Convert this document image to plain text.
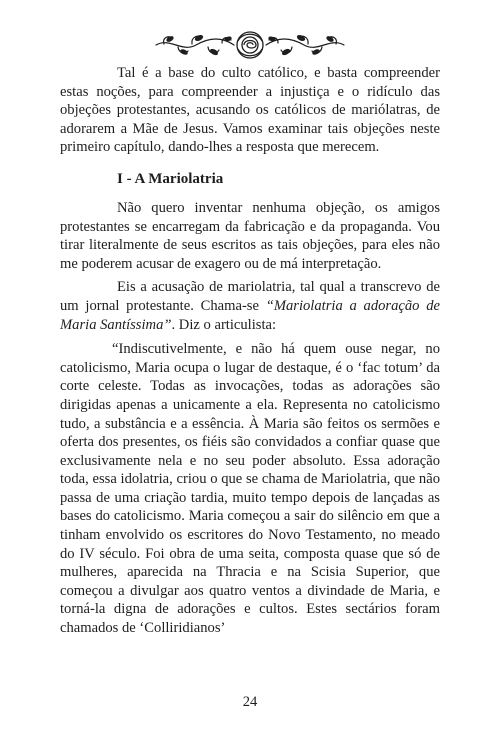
Tal é a base do culto católico, e basta compreender estas noções, para compreender a injustiça e o ridículo das objeções protestantes, acusando os católicos de mariólatras, de adorarem a Mãe de Jesus. Vamos examinar tais objeções neste primeiro capítulo, dando-lhes a resposta que merecem.

I - A Mariolatria

Não quero inventar nenhuma objeção, os amigos protestantes se encarregam da fabricação e da propaganda. Vou tirar literalmente de seus escritos as tais objeções, para eles não me poderem acusar de exagero ou de má interpretação.

Eis a acusação de mariolatria, tal qual a transcrevo de um jornal protestante. Chama-se “Mariolatria a adoração de Maria Santíssima”. Diz o articulista:

“Indiscutivelmente, e não há quem ouse negar, no catolicismo, Maria ocupa o lugar de destaque, é o ‘fac totum’ da corte celeste. Todas as invocações, todas as adorações são dirigidas apenas a unicamente a ela. Representa no catolicismo tudo, a substância e a essência. À Maria são feitos os sermões e oferta dos presentes, os fiéis são convidados a confiar quase que exclusivamente nela e no seu poder absoluto. Essa adoração toda, essa idolatria, criou o que se chama de Mariolatria, que não passa de uma criação tardia, muito tempo depois de lançadas as bases do catolicismo. Maria começou a sair do silêncio em que a tinham envolvido os escritores do Novo Testamento, no meado do IV século. Foi obra de uma seita, composta quase que só de mulheres, aparecida na Thracia e na Scisia Superior, que começou a divulgar aos quatro ventos a divindade de Maria, e torná-la digna de adorações e cultos. Estes sectários foram chamados de ‘Colliridianos’

24
